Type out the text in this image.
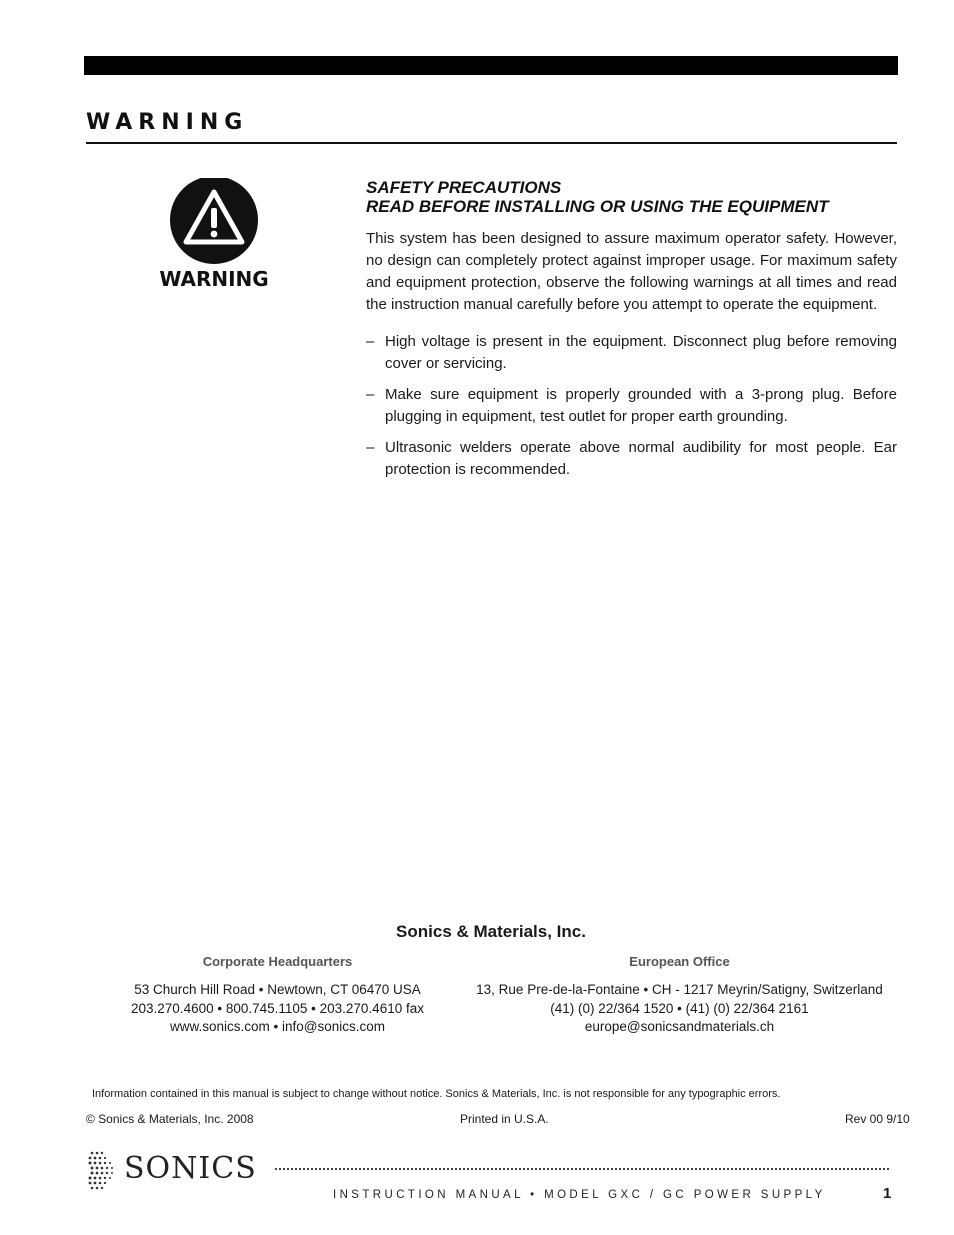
WARNING
WARNING
SAFETY PRECAUTIONS
READ BEFORE INSTALLING OR USING THE EQUIPMENT

This system has been designed to assure maximum operator safety. However, no design can completely protect against improper usage. For maximum safety and equipment protection, observe the following warnings at all times and read the instruction manual carefully before you attempt to operate the equipment.

– High voltage is present in the equipment. Disconnect plug before removing cover or servicing.
– Make sure equipment is properly grounded with a 3-prong plug. Before plugging in equipment, test outlet for proper earth grounding.
– Ultrasonic welders operate above normal audibility for most people. Ear protection is recommended.
Sonics & Materials, Inc.
Corporate Headquarters
53 Church Hill Road • Newtown, CT 06470 USA
203.270.4600 • 800.745.1105 • 203.270.4610 fax
www.sonics.com • info@sonics.com
European Office
13, Rue Pre-de-la-Fontaine • CH - 1217 Meyrin/Satigny, Switzerland
(41) (0) 22/364 1520 • (41) (0) 22/364 2161
europe@sonicsandmaterials.ch
Information contained in this manual is subject to change without notice. Sonics & Materials, Inc. is not responsible for any typographic errors.
© Sonics & Materials, Inc. 2008	Printed in U.S.A.	Rev 00 9/10
SONICS
INSTRUCTION MANUAL • MODEL GXC / GC POWER SUPPLY	1
